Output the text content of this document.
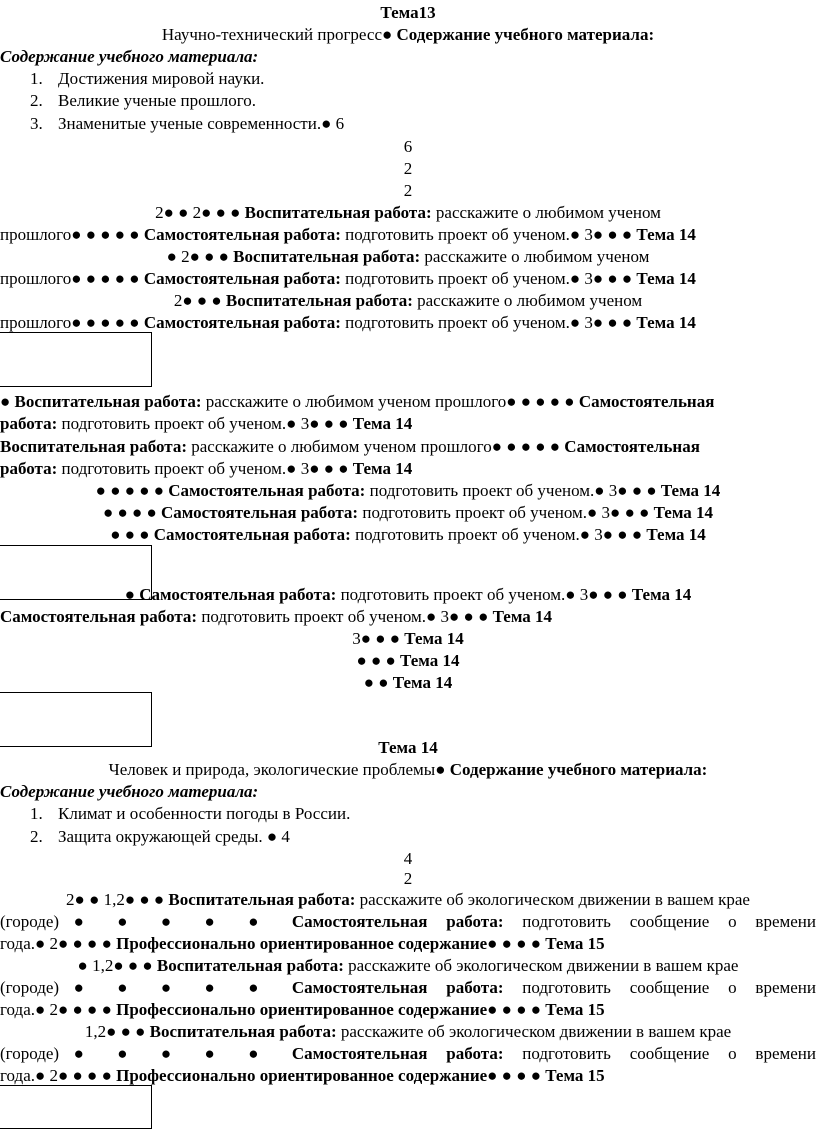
Тема13
Научно-технический прогресс● Содержание учебного материала:
Содержание учебного материала:
1. Достижения мировой науки.
2. Великие ученые прошлого.
3. Знаменитые ученые современности.● 6
6
2
2
2● ● 2● ● ● Воспитательная работа: расскажите о любимом ученом
прошлого● ● ● ● ● Самостоятельная работа: подготовить проект об ученом.● 3● ● ● Тема 14
● 2● ● ● Воспитательная работа: расскажите о любимом ученом
прошлого● ● ● ● ● Самостоятельная работа: подготовить проект об ученом.● 3● ● ● Тема 14
2● ● ● Воспитательная работа: расскажите о любимом ученом
прошлого● ● ● ● ● Самостоятельная работа: подготовить проект об ученом.● 3● ● ● Тема 14
● Воспитательная работа: расскажите о любимом ученом прошлого● ● ● ● ● Самостоятельная
работа: подготовить проект об ученом.● 3● ● ● Тема 14
Воспитательная работа: расскажите о любимом ученом прошлого● ● ● ● ● Самостоятельная
работа: подготовить проект об ученом.● 3● ● ● Тема 14
● ● ● ● ● Самостоятельная работа: подготовить проект об ученом.● 3● ● ● Тема 14
● ● ● ● Самостоятельная работа: подготовить проект об ученом.● 3● ● ● Тема 14
● ● ● Самостоятельная работа: подготовить проект об ученом.● 3● ● ● Тема 14
● Самостоятельная работа: подготовить проект об ученом.● 3● ● ● Тема 14
Самостоятельная работа: подготовить проект об ученом.● 3● ● ● Тема 14
3● ● ● Тема 14
● ● ● Тема 14
● ● Тема 14
Тема 14
Человек и природа, экологические проблемы● Содержание учебного материала:
Содержание учебного материала:
1. Климат и особенности погоды в России.
2. Защита окружающей среды. ● 4
4
2
2● ● 1,2● ● ● Воспитательная работа: расскажите об экологическом движении в вашем крае
(городе)● ● ● ● ● Самостоятельная работа: подготовить сообщение о времени
года.● 2● ● ● ● Профессионально ориентированное содержание● ● ● ● Тема 15
● 1,2● ● ● Воспитательная работа: расскажите об экологическом движении в вашем крае
(городе)● ● ● ● ● Самостоятельная работа: подготовить сообщение о времени
года.● 2● ● ● ● Профессионально ориентированное содержание● ● ● ● Тема 15
1,2● ● ● Воспитательная работа: расскажите об экологическом движении в вашем крае
(городе)● ● ● ● ● Самостоятельная работа: подготовить сообщение о времени
года.● 2● ● ● ● Профессионально ориентированное содержание● ● ● ● Тема 15
